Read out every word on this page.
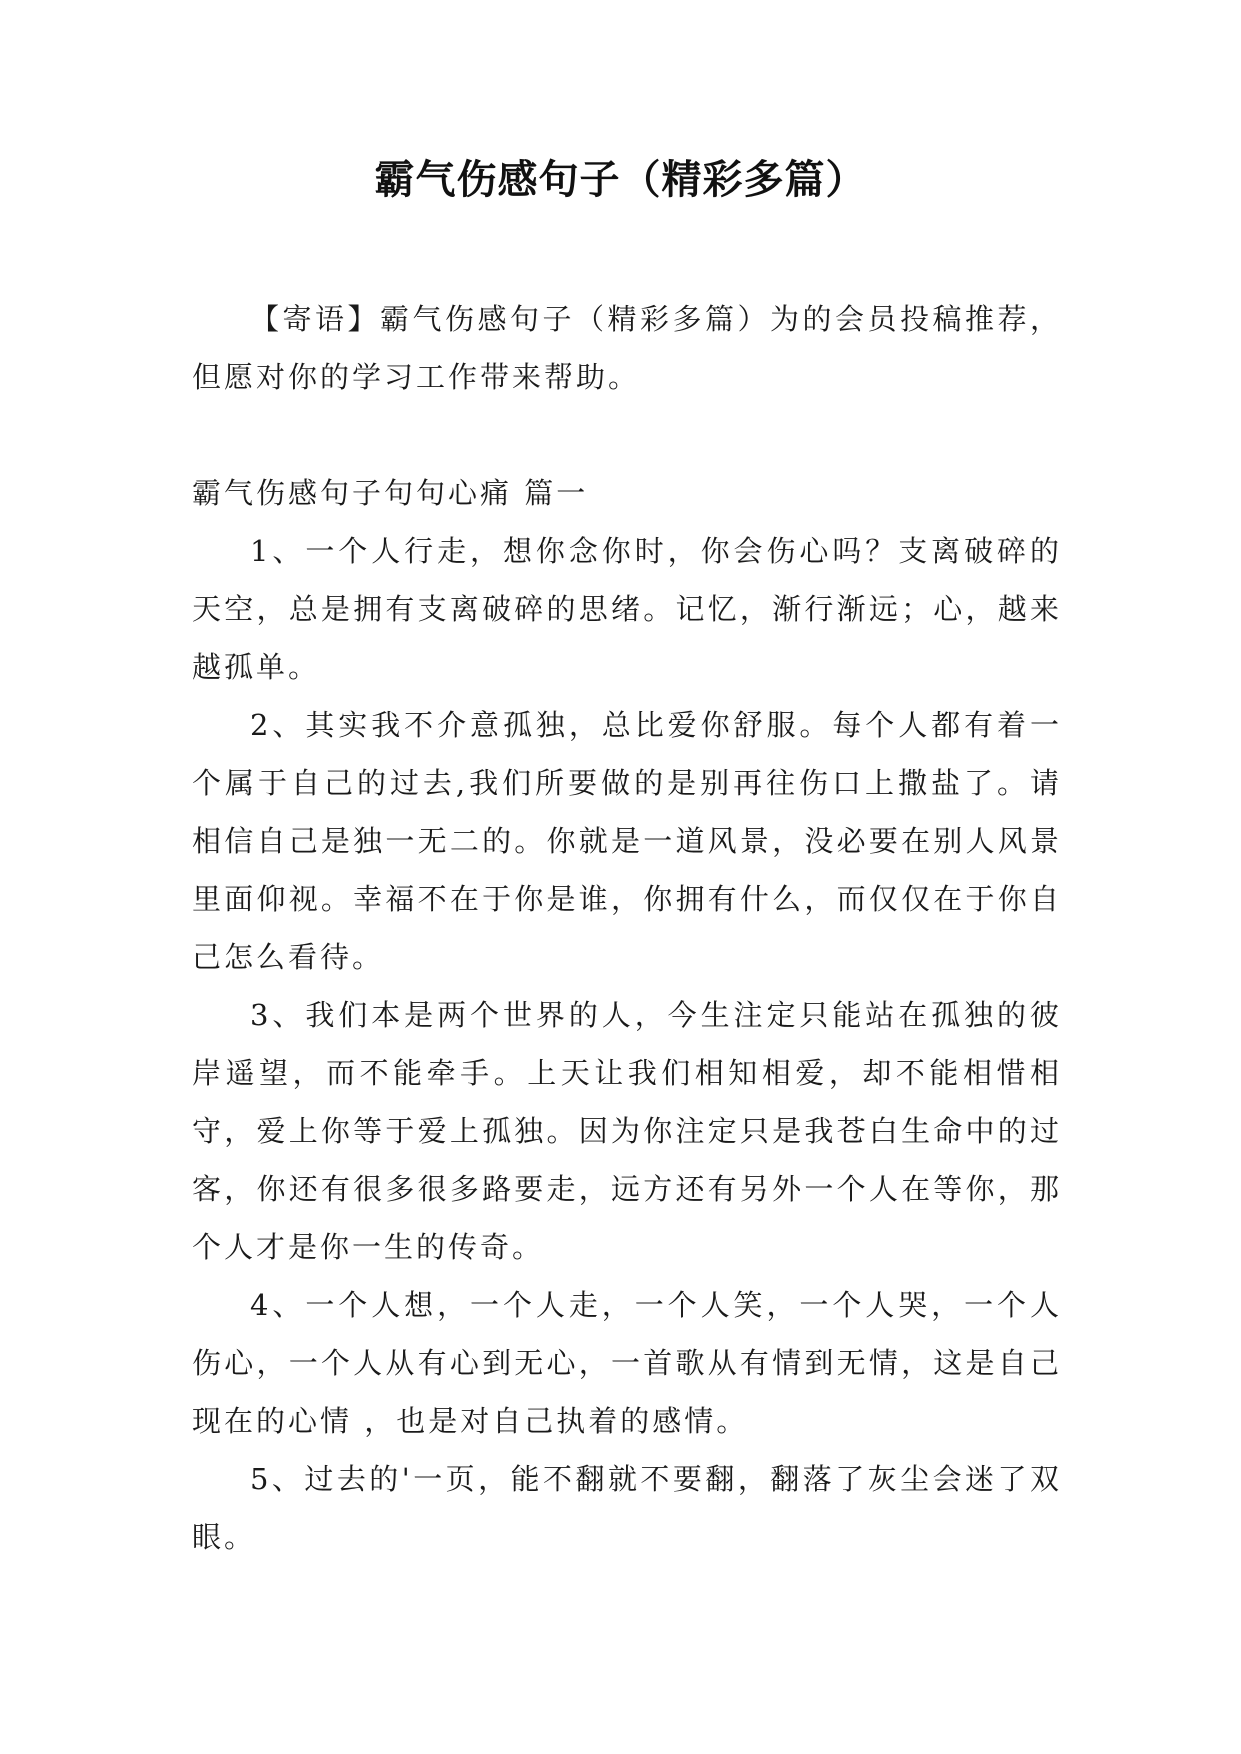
霸气伤感句子（精彩多篇）

【寄语】霸气伤感句子（精彩多篇）为的会员投稿推荐，但愿对你的学习工作带来帮助。

霸气伤感句子句句心痛 篇一

1、一个人行走，想你念你时，你会伤心吗？支离破碎的天空，总是拥有支离破碎的思绪。记忆，渐行渐远；心，越来越孤单。

2、其实我不介意孤独，总比爱你舒服。每个人都有着一个属于自己的过去,我们所要做的是别再往伤口上撒盐了。请相信自己是独一无二的。你就是一道风景，没必要在别人风景里面仰视。幸福不在于你是谁，你拥有什么，而仅仅在于你自己怎么看待。

3、我们本是两个世界的人，今生注定只能站在孤独的彼岸遥望，而不能牵手。上天让我们相知相爱，却不能相惜相守，爱上你等于爱上孤独。因为你注定只是我苍白生命中的过客，你还有很多很多路要走，远方还有另外一个人在等你，那个人才是你一生的传奇。

4、一个人想，一个人走，一个人笑，一个人哭，一个人伤心，一个人从有心到无心，一首歌从有情到无情，这是自己现在的心情 ，也是对自己执着的感情。

5、过去的'一页，能不翻就不要翻，翻落了灰尘会迷了双眼。
